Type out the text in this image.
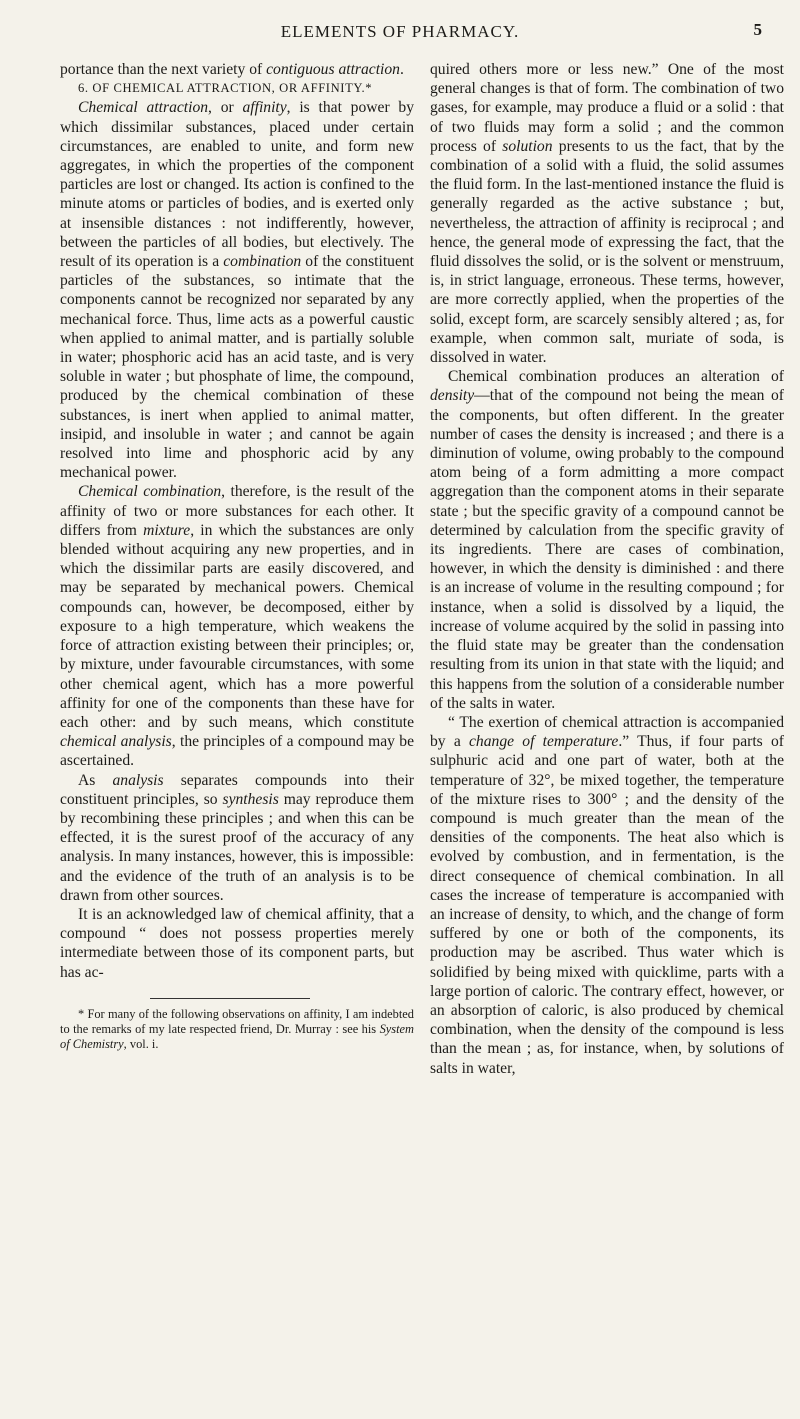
ELEMENTS OF PHARMACY.	5

portance than the next variety of contiguous attraction.

6. OF CHEMICAL ATTRACTION, OR AFFINITY.*

Chemical attraction, or affinity, is that power by which dissimilar substances, placed under certain circumstances, are enabled to unite, and form new aggregates, in which the properties of the component particles are lost or changed. Its action is confined to the minute atoms or particles of bodies, and is exerted only at insensible distances : not indifferently, however, between the particles of all bodies, but electively. The result of its operation is a combination of the constituent particles of the substances, so intimate that the components cannot be recognized nor separated by any mechanical force. Thus, lime acts as a powerful caustic when applied to animal matter, and is partially soluble in water; phosphoric acid has an acid taste, and is very soluble in water ; but phosphate of lime, the compound, produced by the chemical combination of these substances, is inert when applied to animal matter, insipid, and insoluble in water ; and cannot be again resolved into lime and phosphoric acid by any mechanical power.

Chemical combination, therefore, is the result of the affinity of two or more substances for each other. It differs from mixture, in which the substances are only blended without acquiring any new properties, and in which the dissimilar parts are easily discovered, and may be separated by mechanical powers. Chemical compounds can, however, be decomposed, either by exposure to a high temperature, which weakens the force of attraction existing between their principles; or, by mixture, under favourable circumstances, with some other chemical agent, which has a more powerful affinity for one of the components than these have for each other: and by such means, which constitute chemical analysis, the principles of a compound may be ascertained.

As analysis separates compounds into their constituent principles, so synthesis may reproduce them by recombining these principles ; and when this can be effected, it is the surest proof of the accuracy of any analysis. In many instances, however, this is impossible: and the evidence of the truth of an analysis is to be drawn from other sources.

It is an acknowledged law of chemical affinity, that a compound “ does not possess properties merely intermediate between those of its component parts, but has ac-

* For many of the following observations on affinity, I am indebted to the remarks of my late respected friend, Dr. Murray : see his System of Chemistry, vol. i.

quired others more or less new.” One of the most general changes is that of form. The combination of two gases, for example, may produce a fluid or a solid : that of two fluids may form a solid ; and the common process of solution presents to us the fact, that by the combination of a solid with a fluid, the solid assumes the fluid form. In the last-mentioned instance the fluid is generally regarded as the active substance ; but, nevertheless, the attraction of affinity is reciprocal ; and hence, the general mode of expressing the fact, that the fluid dissolves the solid, or is the solvent or menstruum, is, in strict language, erroneous. These terms, however, are more correctly applied, when the properties of the solid, except form, are scarcely sensibly altered ; as, for example, when common salt, muriate of soda, is dissolved in water.

Chemical combination produces an alteration of density—that of the compound not being the mean of the components, but often different. In the greater number of cases the density is increased ; and there is a diminution of volume, owing probably to the compound atom being of a form admitting a more compact aggregation than the component atoms in their separate state ; but the specific gravity of a compound cannot be determined by calculation from the specific gravity of its ingredients. There are cases of combination, however, in which the density is diminished : and there is an increase of volume in the resulting compound ; for instance, when a solid is dissolved by a liquid, the increase of volume acquired by the solid in passing into the fluid state may be greater than the condensation resulting from its union in that state with the liquid; and this happens from the solution of a considerable number of the salts in water.

“ The exertion of chemical attraction is accompanied by a change of temperature.” Thus, if four parts of sulphuric acid and one part of water, both at the temperature of 32°, be mixed together, the temperature of the mixture rises to 300° ; and the density of the compound is much greater than the mean of the densities of the components. The heat also which is evolved by combustion, and in fermentation, is the direct consequence of chemical combination. In all cases the increase of temperature is accompanied with an increase of density, to which, and the change of form suffered by one or both of the components, its production may be ascribed. Thus water which is solidified by being mixed with quicklime, parts with a large portion of caloric. The contrary effect, however, or an absorption of caloric, is also produced by chemical combination, when the density of the compound is less than the mean ; as, for instance, when, by solutions of salts in water,
